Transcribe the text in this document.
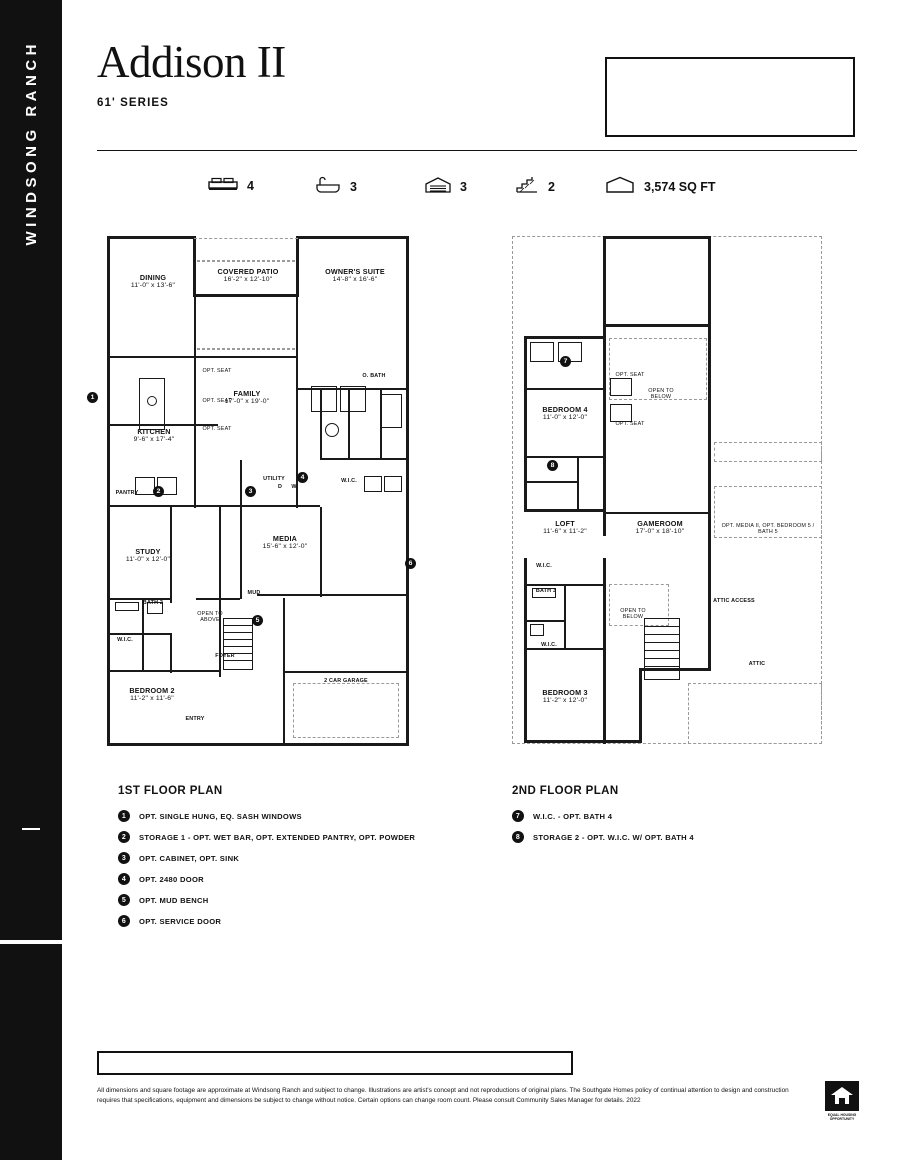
WINDSONG RANCH Addison II
61' SERIES
4	3	3	2	3,574 SQ FT
DINING
11'-0" x 13'-6"
COVERED PATIO
16'-2" x 12'-10"
OWNER'S SUITE
14'-8" x 16'-6"
FAMILY
17'-0" x 19'-0"
KITCHEN
9'-6" x 17'-4"
STUDY
11'-0" x 12'-0"
MEDIA
15'-6" x 12'-0"
BEDROOM 2
11'-2" x 11'-6"
O. BATH
UTILITY	W.I.C.
PANTRY
MUD
BATH 2
W.I.C.
FOYER
ENTRY
2 CAR GARAGE
OPEN TO ABOVE
OPT. SEAT
OPT. SEAT
OPT. SEAT
D	W
1
2	3
4
5
6
BEDROOM 4
11'-0" x 12'-0"
LOFT
11'-6" x 11'-2"
GAMEROOM
17'-0" x 18'-10"
BEDROOM 3
11'-2" x 12'-0"
OPEN TO BELOW
OPEN TO BELOW
ATTIC ACCESS
ATTIC
BATH 3
W.I.C.
W.I.C.
OPT. SEAT
OPT. SEAT
OPT. MEDIA II, OPT. BEDROOM 5 / BATH 5
7
8
1ST FLOOR PLAN	2ND FLOOR PLAN
1	OPT. SINGLE HUNG, EQ. SASH WINDOWS
2	STORAGE 1 - OPT. WET BAR, OPT. EXTENDED PANTRY, OPT. POWDER
3	OPT. CABINET, OPT. SINK
4	OPT. 2480 DOOR
5	OPT. MUD BENCH
6	OPT. SERVICE DOOR
7	W.I.C. - OPT. BATH 4
8	STORAGE 2 - OPT. W.I.C. W/ OPT. BATH 4
All dimensions and square footage are approximate at Windsong Ranch and subject to change. Illustrations are artist's concept and not reproductions of original plans. The Southgate Homes policy of continual attention to design and construction requires that specifications, equipment and dimensions be subject to change without notice. Certain options can change room count. Please consult Community Sales Manager for details. 2022
EQUAL HOUSING OPPORTUNITY
